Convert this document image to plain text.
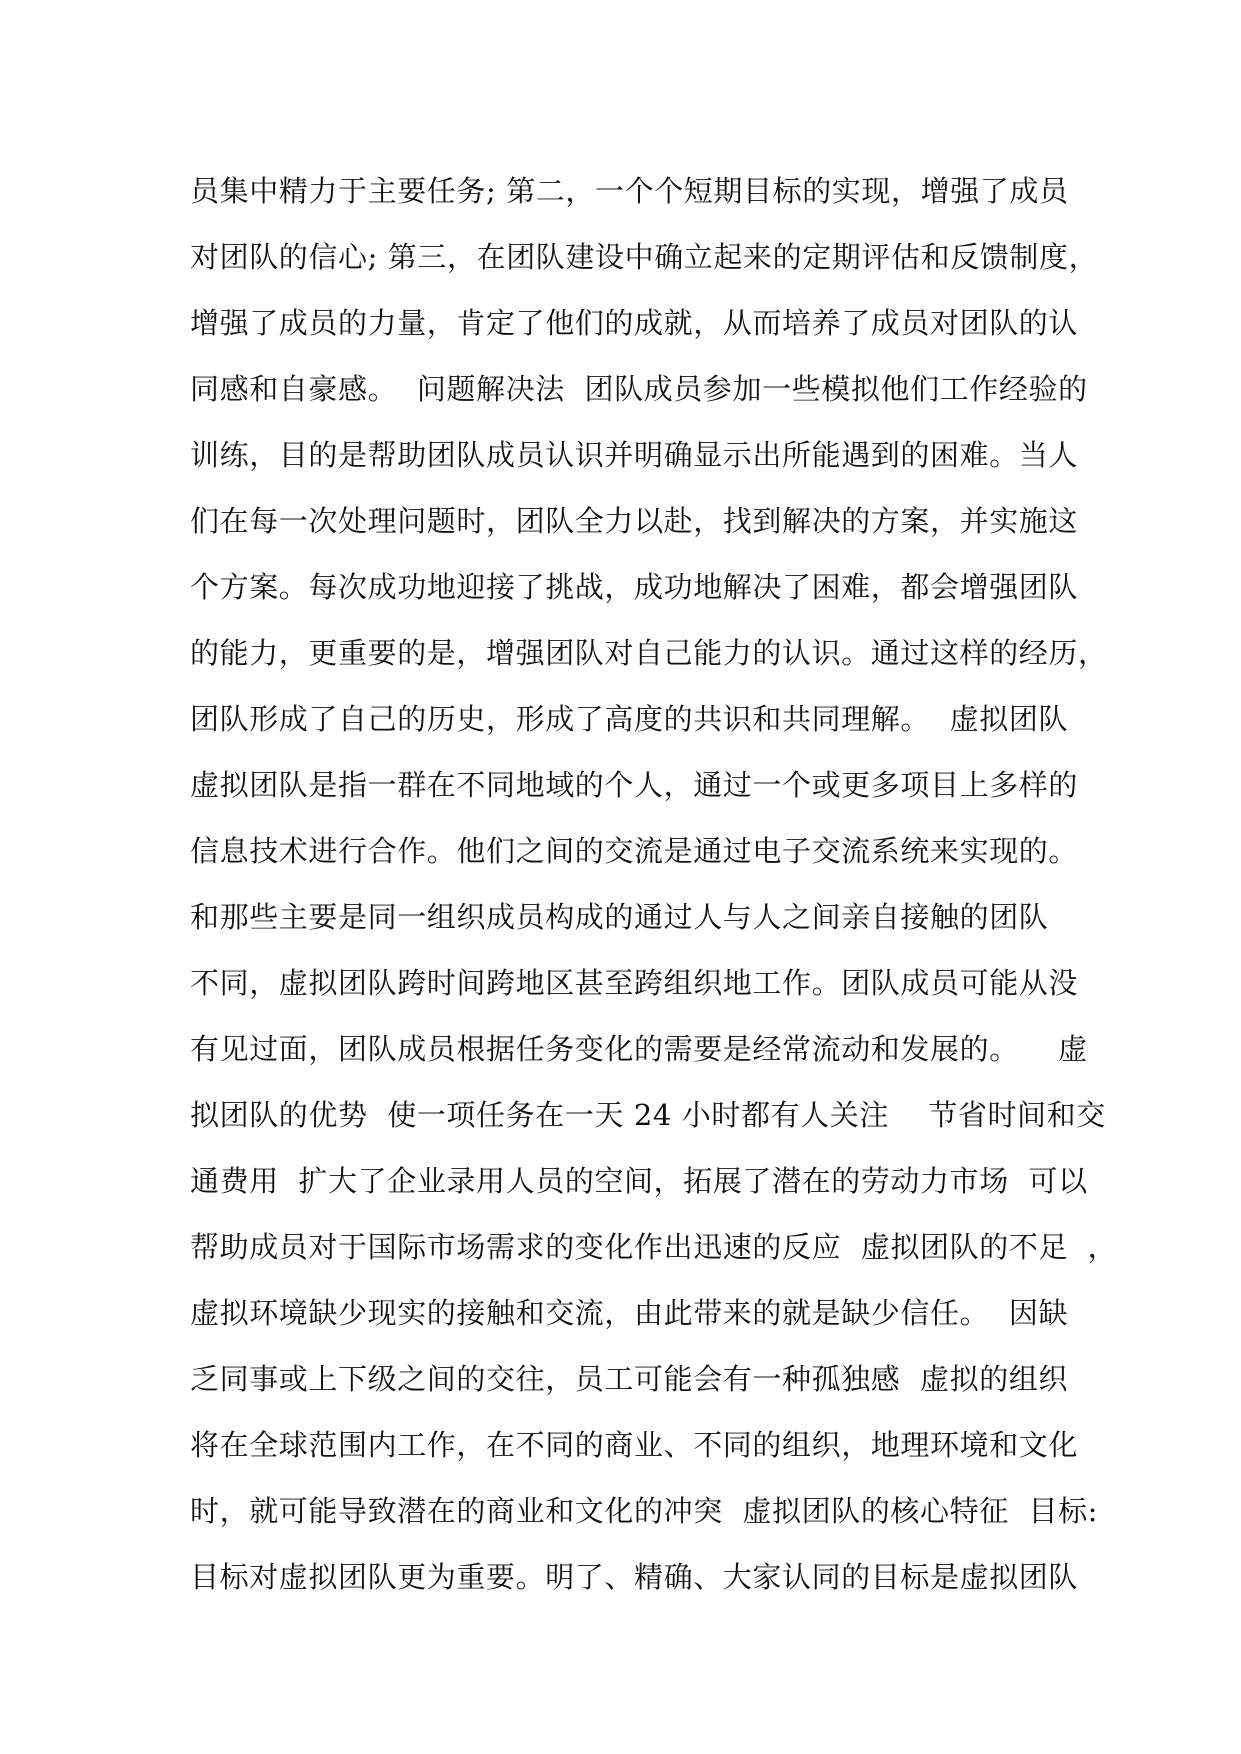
员集中精力于主要任务; 第二，一个个短期目标的实现，增强了成员
对团队的信心; 第三，在团队建设中确立起来的定期评估和反馈制度，
增强了成员的力量，肯定了他们的成就，从而培养了成员对团队的认
同感和自豪感。  问题解决法  团队成员参加一些模拟他们工作经验的
训练，目的是帮助团队成员认识并明确显示出所能遇到的困难。当人
们在每一次处理问题时，团队全力以赴，找到解决的方案，并实施这
个方案。每次成功地迎接了挑战，成功地解决了困难，都会增强团队
的能力，更重要的是，增强团队对自己能力的认识。通过这样的经历，
团队形成了自己的历史，形成了高度的共识和共同理解。  虚拟团队
虚拟团队是指一群在不同地域的个人，通过一个或更多项目上多样的
信息技术进行合作。他们之间的交流是通过电子交流系统来实现的。
和那些主要是同一组织成员构成的通过人与人之间亲自接触的团队
不同，虚拟团队跨时间跨地区甚至跨组织地工作。团队成员可能从没
有见过面，团队成员根据任务变化的需要是经常流动和发展的。    虚
拟团队的优势  使一项任务在一天 24 小时都有人关注    节省时间和交
通费用  扩大了企业录用人员的空间，拓展了潜在的劳动力市场  可以
帮助成员对于国际市场需求的变化作出迅速的反应  虚拟团队的不足  ，
虚拟环境缺少现实的接触和交流，由此带来的就是缺少信任。  因缺
乏同事或上下级之间的交往，员工可能会有一种孤独感  虚拟的组织
将在全球范围内工作，在不同的商业、不同的组织，地理环境和文化
时，就可能导致潜在的商业和文化的冲突  虚拟团队的核心特征  目标:
目标对虚拟团队更为重要。明了、精确、大家认同的目标是虚拟团队
